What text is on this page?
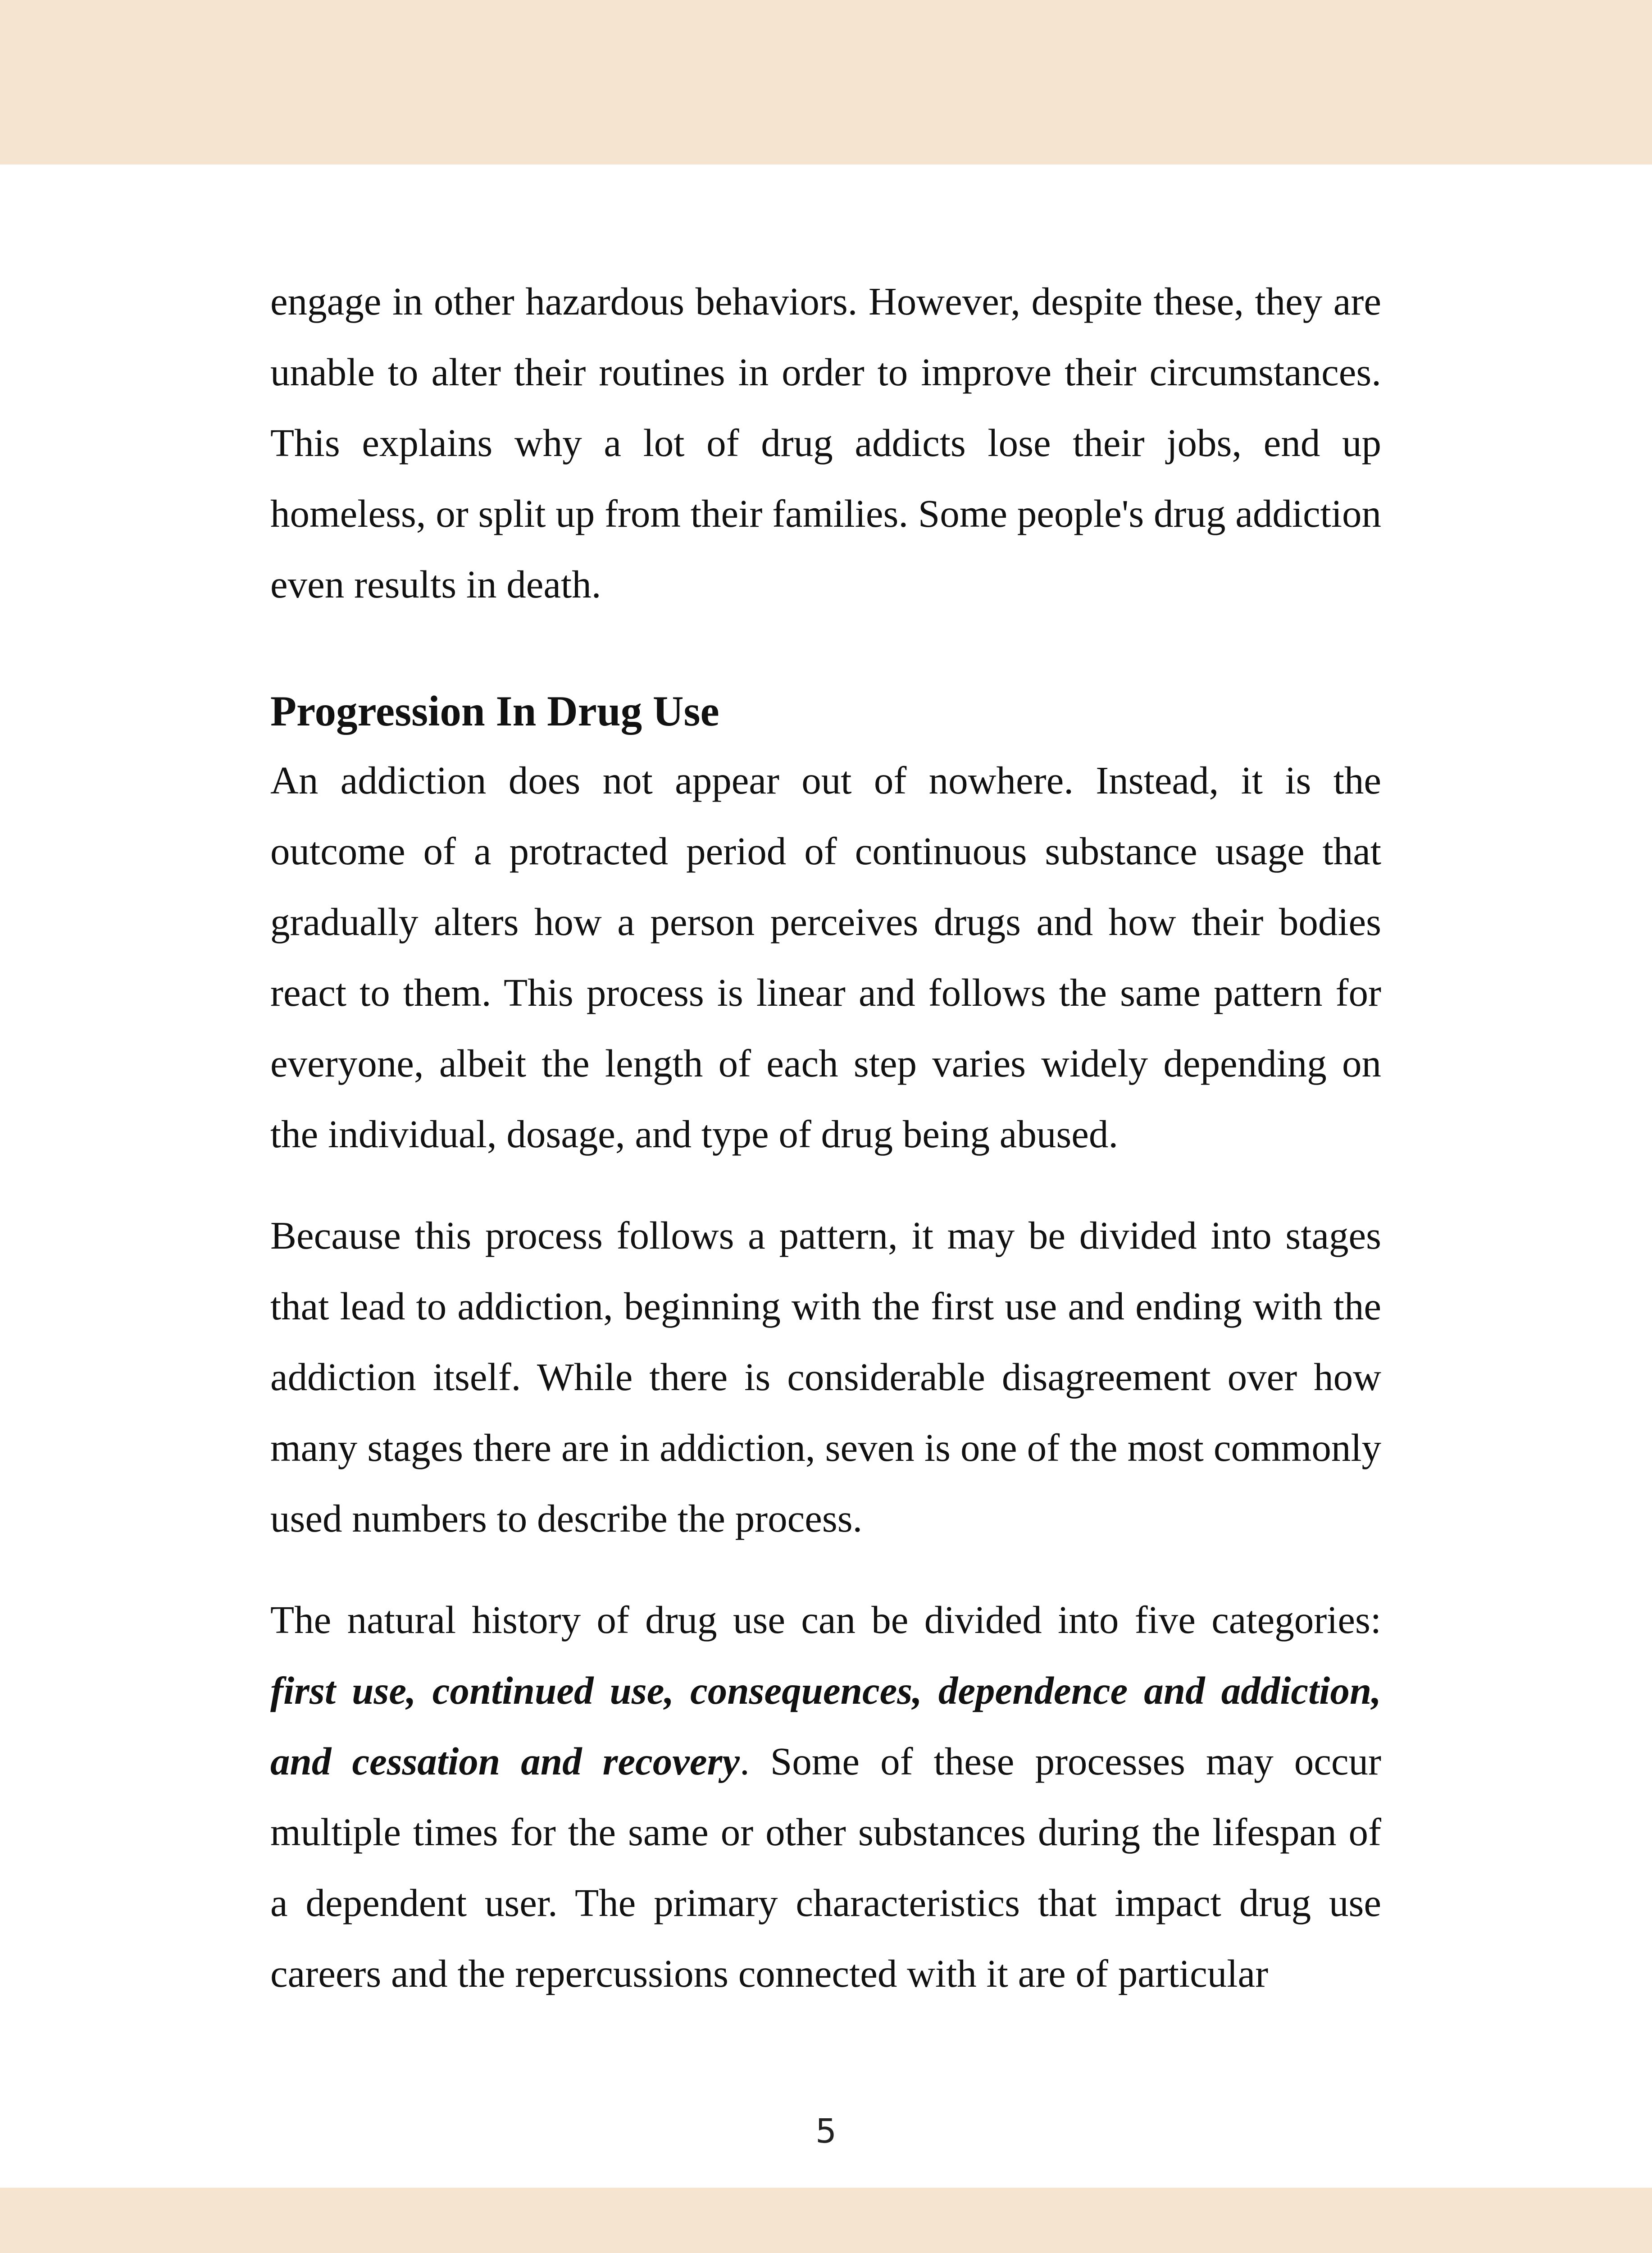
engage in other hazardous behaviors. However, despite these, they are unable to alter their routines in order to improve their circumstances. This explains why a lot of drug addicts lose their jobs, end up homeless, or split up from their families. Some people's drug addiction even results in death.

Progression In Drug Use

An addiction does not appear out of nowhere. Instead, it is the outcome of a protracted period of continuous substance usage that gradually alters how a person perceives drugs and how their bodies react to them. This process is linear and follows the same pattern for everyone, albeit the length of each step varies widely depending on the individual, dosage, and type of drug being abused.

Because this process follows a pattern, it may be divided into stages that lead to addiction, beginning with the first use and ending with the addiction itself. While there is considerable disagreement over how many stages there are in addiction, seven is one of the most commonly used numbers to describe the process.

The natural history of drug use can be divided into five categories: first use, continued use, consequences, dependence and addiction, and cessation and recovery. Some of these processes may occur multiple times for the same or other substances during the lifespan of a dependent user. The primary characteristics that impact drug use careers and the repercussions connected with it are of particular

5
